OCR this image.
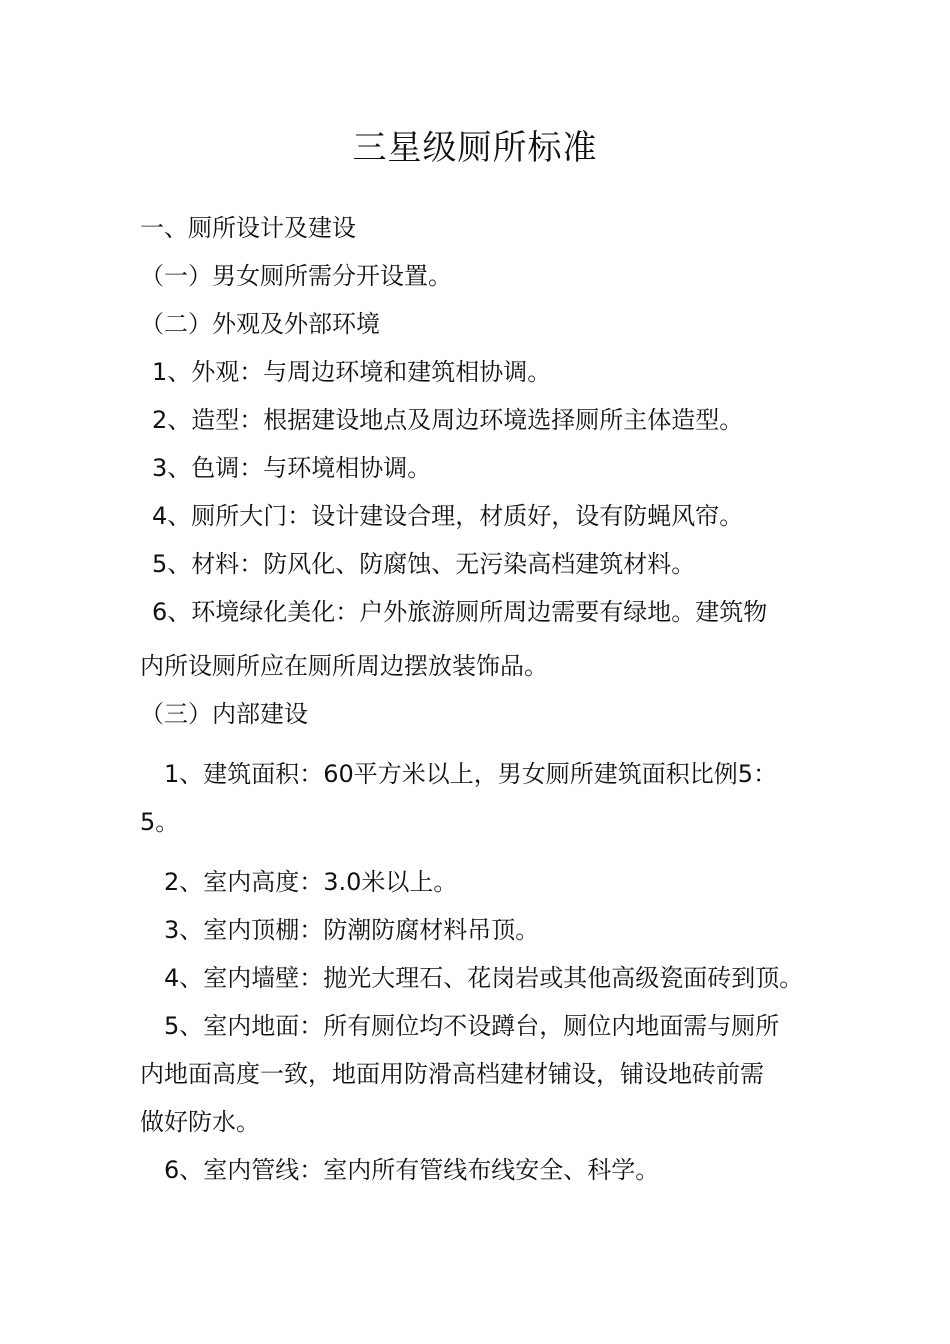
三星级厕所标准
一、厕所设计及建设
（一）男女厕所需分开设置。
（二）外观及外部环境
1、外观：与周边环境和建筑相协调。
2、造型：根据建设地点及周边环境选择厕所主体造型。
3、色调：与环境相协调。
4、厕所大门：设计建设合理，材质好，设有防蝇风帘。
5、材料：防风化、防腐蚀、无污染高档建筑材料。
6、环境绿化美化：户外旅游厕所周边需要有绿地。建筑物
内所设厕所应在厕所周边摆放装饰品。
（三）内部建设
1、建筑面积：60平方米以上，男女厕所建筑面积比例5：
5。
2、室内高度：3.0米以上。
3、室内顶棚：防潮防腐材料吊顶。
4、室内墙壁：抛光大理石、花岗岩或其他高级瓷面砖到顶。
5、室内地面：所有厕位均不设蹲台，厕位内地面需与厕所
内地面高度一致，地面用防滑高档建材铺设，铺设地砖前需
做好防水。
6、室内管线：室内所有管线布线安全、科学。
